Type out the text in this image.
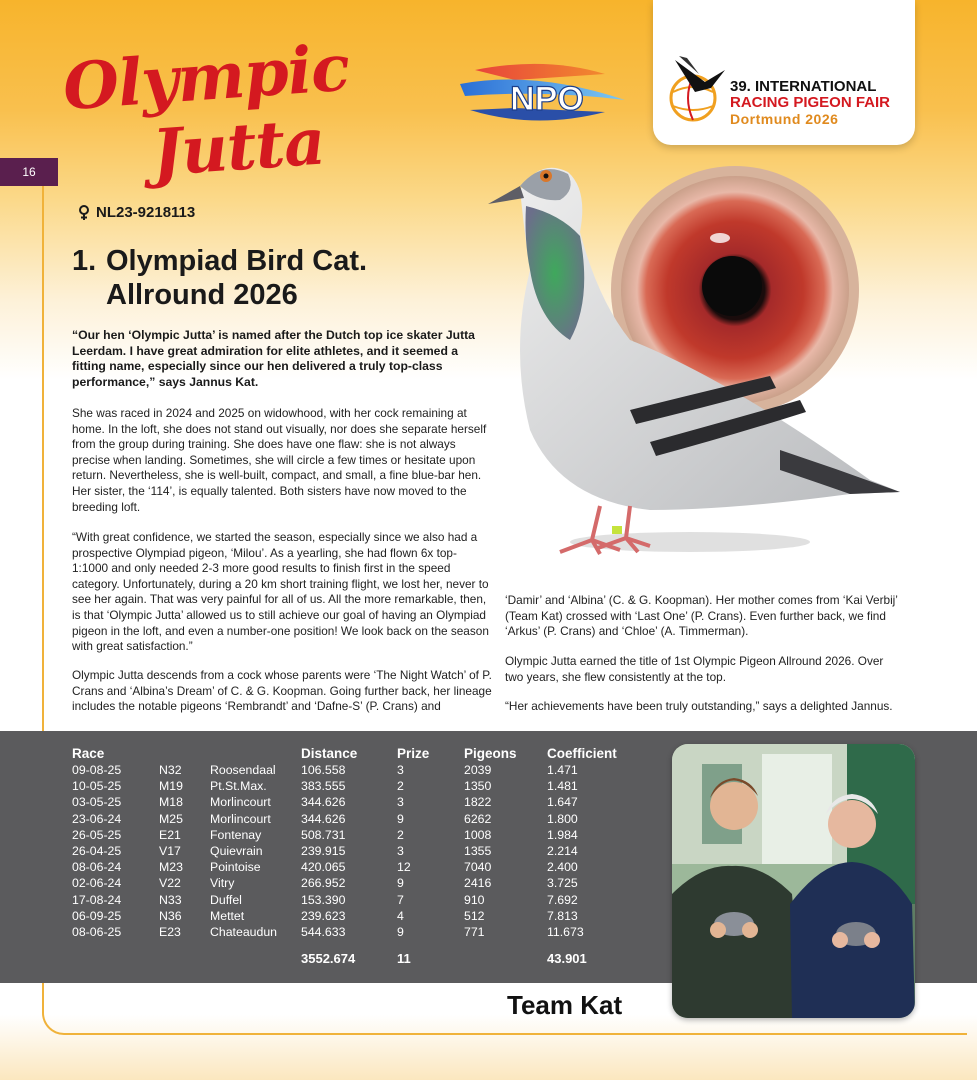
16
Olympic
Jutta
NL23-9218113
1. Olympiad Bird Cat.
Allround 2026
“Our hen ‘Olympic Jutta’ is named after the Dutch top ice skater Jutta Leerdam. I have great admiration for elite athletes, and it seemed a fitting name, especially since our hen delivered a truly top-class performance,” says Jannus Kat.
She was raced in 2024 and 2025 on widowhood, with her cock remaining at home. In the loft, she does not stand out visually, nor does she separate herself from the group during training. She does have one flaw: she is not always precise when landing. Sometimes, she will circle a few times or hesitate upon return. Nevertheless, she is well-built, compact, and small, a fine blue-bar hen. Her sister, the ‘114’, is equally talented. Both sisters have now moved to the breeding loft.
“With great confidence, we started the season, especially since we also had a prospective Olympiad pigeon, ‘Milou’. As a yearling, she had flown 6x top-1:1000 and only needed 2-3 more good results to finish first in the speed category. Unfortunately, during a 20 km short training flight, we lost her, never to see her again. That was very painful for all of us. All the more remarkable, then, is that ‘Olympic Jutta’ allowed us to still achieve our goal of having an Olympiad pigeon in the loft, and even a number-one position! We look back on the season with great satisfaction.”
Olympic Jutta descends from a cock whose parents were ‘The Night Watch’ of P. Crans and ‘Albina’s Dream’ of C. & G. Koopman. Going further back, her lineage includes the notable pigeons ‘Rembrandt’ and ‘Dafne-S’ (P. Crans) and
‘Damir’ and ‘Albina’ (C. & G. Koopman). Her mother comes from ‘Kai Verbij’ (Team Kat) crossed with ‘Last One’ (P. Crans). Even further back, we find ‘Arkus’ (P. Crans) and ‘Chloe’ (A. Timmerman).
Olympic Jutta earned the title of 1st Olympic Pigeon Allround 2026. Over two years, she flew consistently at the top.
“Her achievements have been truly outstanding,” says a delighted Jannus.
NPO	39. INTERNATIONAL
RACING PIGEON FAIR
Dortmund 2026
Race			Distance	Prize	Pigeons	Coefficient
09-08-25	N32	Roosendaal	106.558	3	2039	1.471
10-05-25	M19	Pt.St.Max.	383.555	2	1350	1.481
03-05-25	M18	Morlincourt	344.626	3	1822	1.647
23-06-24	M25	Morlincourt	344.626	9	6262	1.800
26-05-25	E21	Fontenay	508.731	2	1008	1.984
26-04-25	V17	Quievrain	239.915	3	1355	2.214
08-06-24	M23	Pointoise	420.065	12	7040	2.400
02-06-24	V22	Vitry	266.952	9	2416	3.725
17-08-24	N33	Duffel	153.390	7	910	7.692
06-09-25	N36	Mettet	239.623	4	512	7.813
08-06-25	E23	Chateaudun	544.633	9	771	11.673
			3552.674	11		43.901
Team Kat
